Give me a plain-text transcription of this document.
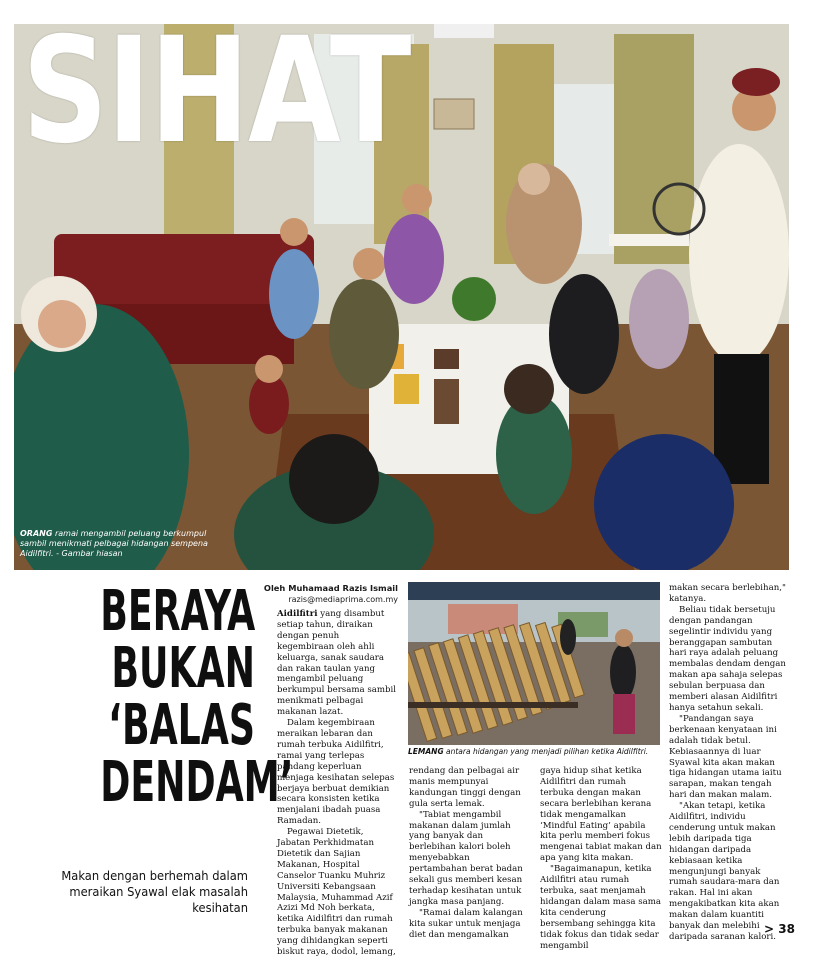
SIHAT
ORANG ramai mengambil peluang berkumpul sambil menikmati pelbagai hidangan sempena Aidilfitri. - Gambar hiasan
BERAYA
BUKAN
‘BALAS
DENDAM’
Makan dengan berhemah dalam meraikan Syawal elak masalah kesihatan
Oleh Muhamaad Razis Ismail
razis@mediaprima.com.my

Aidilfitri yang disambut setiap tahun, diraikan dengan penuh kegembiraan oleh ahli keluarga, sanak saudara dan rakan taulan yang mengambil peluang berkumpul bersama sambil menikmati pelbagai makanan lazat.

Dalam kegembiraan meraikan lebaran dan rumah terbuka Aidilfitri, ramai yang terlepas pandang keperluan menjaga kesihatan selepas berjaya berbuat demikian secara konsisten ketika menjalani ibadah puasa Ramadan.

Pegawai Dietetik, Jabatan Perkhidmatan Dietetik dan Sajian Makanan, Hospital Canselor Tuanku Muhriz Universiti Kebangsaan Malaysia, Muhammad Azif Azizi Md Noh berkata, ketika Aidilfitri dan rumah terbuka banyak makanan yang dihidangkan seperti biskut raya, dodol, lemang,

LEMANG antara hidangan yang menjadi pilihan ketika Aidilfitri.

rendang dan pelbagai air manis mempunyai kandungan tinggi dengan gula serta lemak.

"Tabiat mengambil makanan dalam jumlah yang banyak dan berlebihan kalori boleh menyebabkan pertambahan berat badan sekali gus memberi kesan terhadap kesihatan untuk jangka masa panjang.

"Ramai dalam kalangan kita sukar untuk menjaga diet dan mengamalkan

gaya hidup sihat ketika Aidilfitri dan rumah terbuka dengan makan secara berlebihan kerana tidak mengamalkan ‘Mindful Eating’ apabila kita perlu memberi fokus mengenai tabiat makan dan apa yang kita makan.

"Bagaimanapun, ketika Aidilfitri atau rumah terbuka, saat menjamah hidangan dalam masa sama kita cenderung bersembang sehingga kita tidak fokus dan tidak sedar mengambil

makan secara berlebihan," katanya.

Beliau tidak bersetuju dengan pandangan segelintir individu yang beranggapan sambutan hari raya adalah peluang membalas dendam dengan makan apa sahaja selepas sebulan berpuasa dan memberi alasan Aidilfitri hanya setahun sekali.

"Pandangan saya berkenaan kenyataan ini adalah tidak betul. Kebiasaannya di luar Syawal kita akan makan tiga hidangan utama iaitu sarapan, makan tengah hari dan makan malam.

"Akan tetapi, ketika Aidilfitri, individu cenderung untuk makan lebih daripada tiga hidangan daripada kebiasaan ketika mengunjungi banyak rumah saudara-mara dan rakan. Hal ini akan mengakibatkan kita akan makan dalam kuantiti banyak dan melebihi daripada saranan kalori.

> 38
